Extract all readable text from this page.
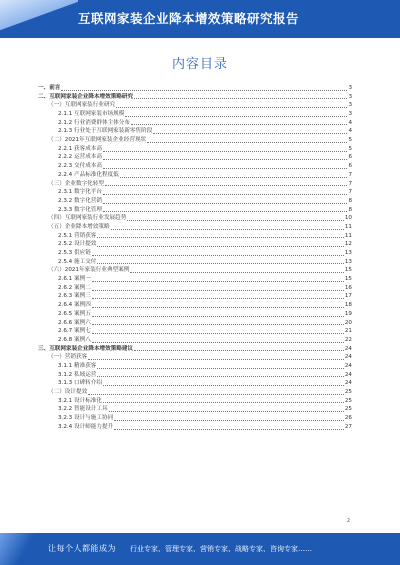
互联网家装企业降本增效策略研究报告
内容目录
一、前言	3
二、互联网家装企业降本增效策略研究	3
（一）互联网家装行业研究	3
2.1.1 互联网家装市场规模	3
2.1.2 行业消费群体主体分布	4
2.1.3 行业处于互联网家装新零售阶段	4
（二）2021年互联网家装企业经营现状	5
2.2.1 获客成本高	5
2.2.2 运营成本高	6
2.2.3 交付成本高	6
2.2.4 产品标准化程度低	7
（三）企业数字化转型	7
2.3.1 数字化平台	7
2.3.2 数字化营销	8
2.3.3 数字化管理	8
（四）互联网家装行业发展趋势	10
（五）企业降本增效策略	11
2.5.1 营销获客	11
2.5.2 设计提效	12
2.5.3 供应链	13
2.5.4 施工交付	13
（六）2021年家装行业典型案例	15
2.6.1 案例一	15
2.6.2 案例二	16
2.6.3 案例三	17
2.6.4 案例四	18
2.6.5 案例五	19
2.6.6 案例六	20
2.6.7 案例七	21
2.6.8 案例八	22
三、互联网家装企业降本增效策略建议	24
（一）营销获客	24
3.1.1 精准获客	24
3.1.2 私域运营	24
3.1.3 口碑转介绍	24
（二）设计提效	25
3.2.1 设计标准化	25
3.2.2 智能设计工具	25
3.2.3 设计与施工协同	26
3.2.4 设计师能力提升	27
2
让每个人都能成为 行业专家、管理专家、营销专家、战略专家、咨询专家……
